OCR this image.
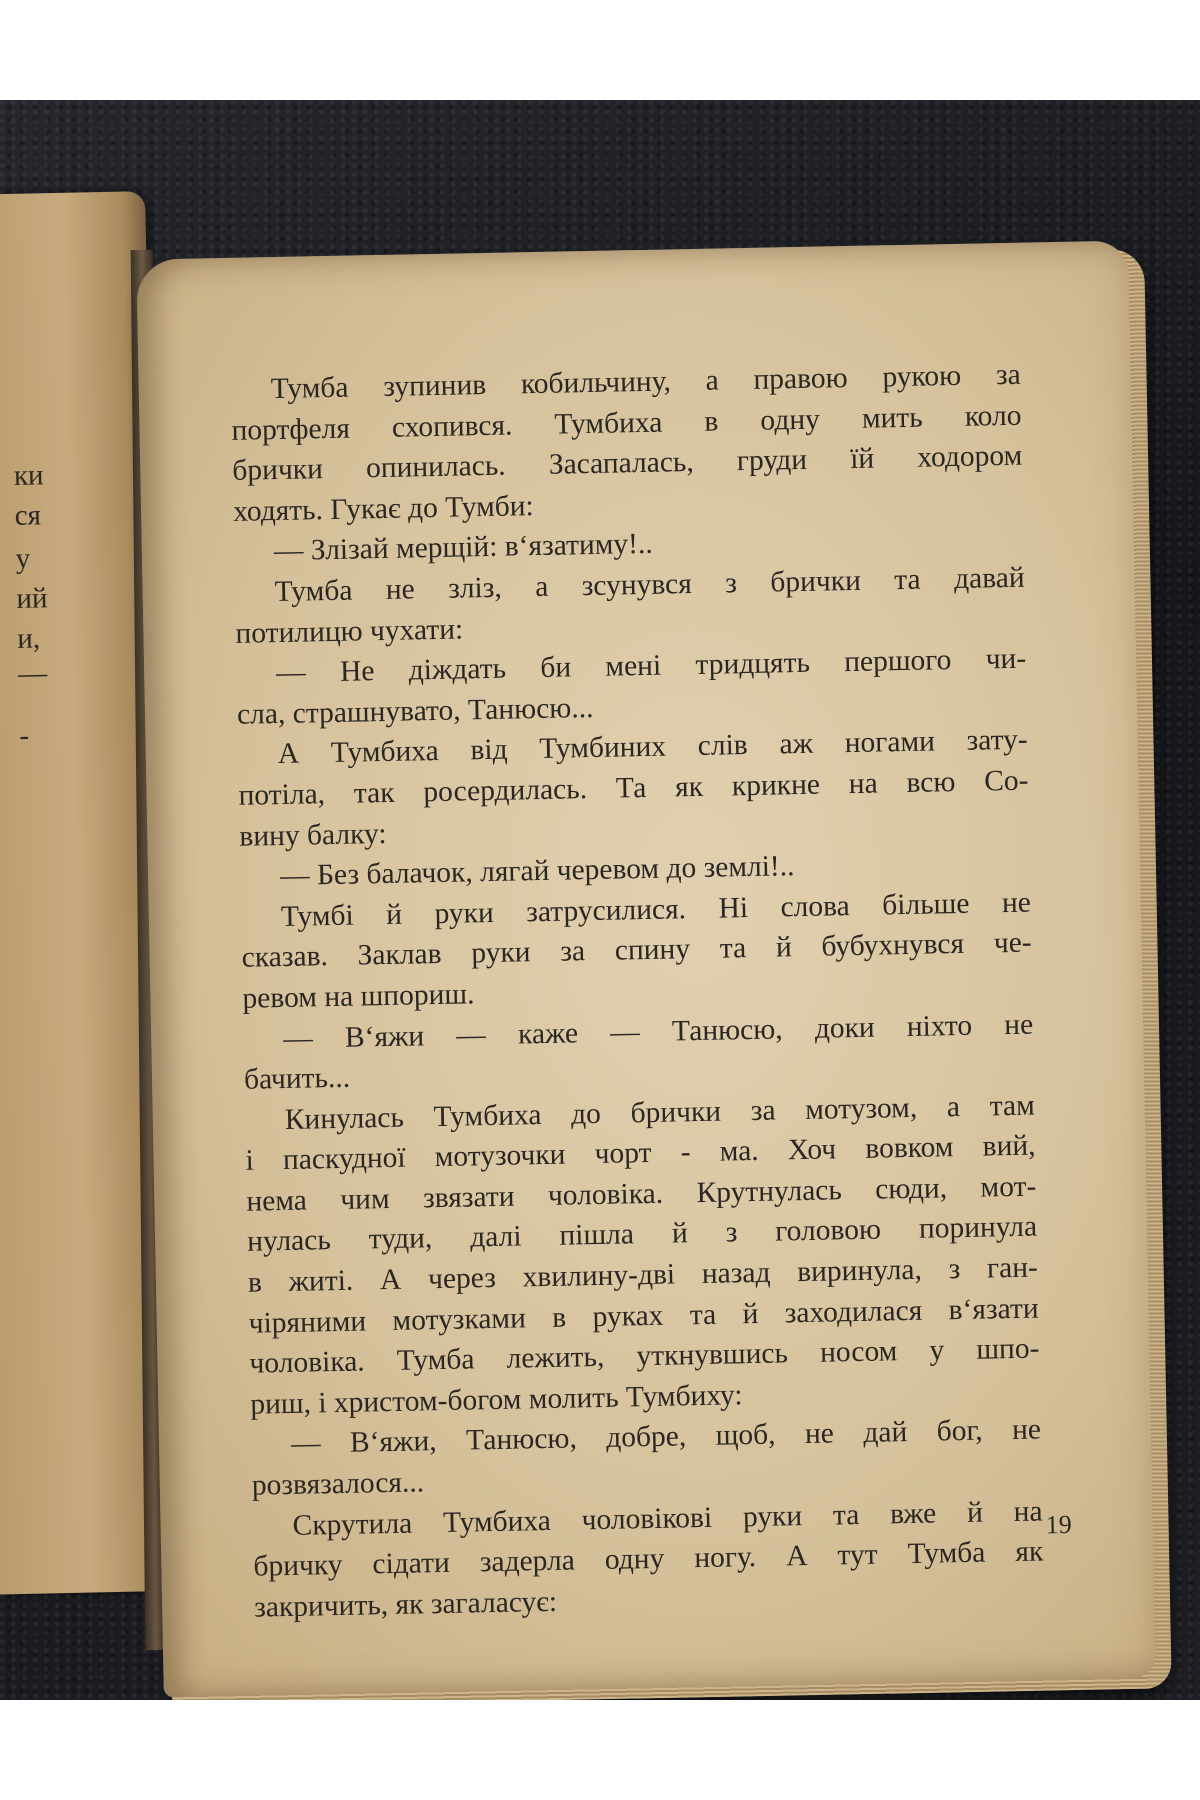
ки
ся
у
ий
и,
—
-
Тумба зупинив кобильчину, а правою рукою за
портфеля схопився. Тумбиха в одну мить коло
брички опинилась. Засапалась, груди їй ходором
ходять. Гукає до Тумби:
— Злізай мерщій: в‘язатиму!..
Тумба не зліз, а зсунувся з брички та давай
потилицю чухати:
— Не діждать би мені тридцять першого чи-
сла, страшнувато, Танюсю...
А Тумбиха від Тумбиних слів аж ногами зату-
потіла, так росердилась. Та як крикне на всю Со-
вину балку:
— Без балачок, лягай черевом до землі!..
Тумбі й руки затрусилися. Ні слова більше не
сказав. Заклав руки за спину та й бубухнувся че-
ревом на шпориш.
— В‘яжи — каже — Танюсю, доки ніхто не
бачить...
Кинулась Тумбиха до брички за мотузом, а там
і паскудної мотузочки чорт - ма. Хоч вовком вий,
нема чим звязати чоловіка. Крутнулась сюди, мот-
нулась туди, далі пішла й з головою поринула
в житі. А через хвилину-дві назад виринула, з ган-
чіряними мотузками в руках та й заходилася в‘язати
чоловіка. Тумба лежить, уткнувшись носом у шпо-
риш, і христом-богом молить Тумбиху:
— В‘яжи, Танюсю, добре, щоб, не дай бог, не
розвязалося...
Скрутила Тумбиха чоловікові руки та вже й на
бричку сідати задерла одну ногу. А тут Тумба як
закричить, як загаласує:
19
